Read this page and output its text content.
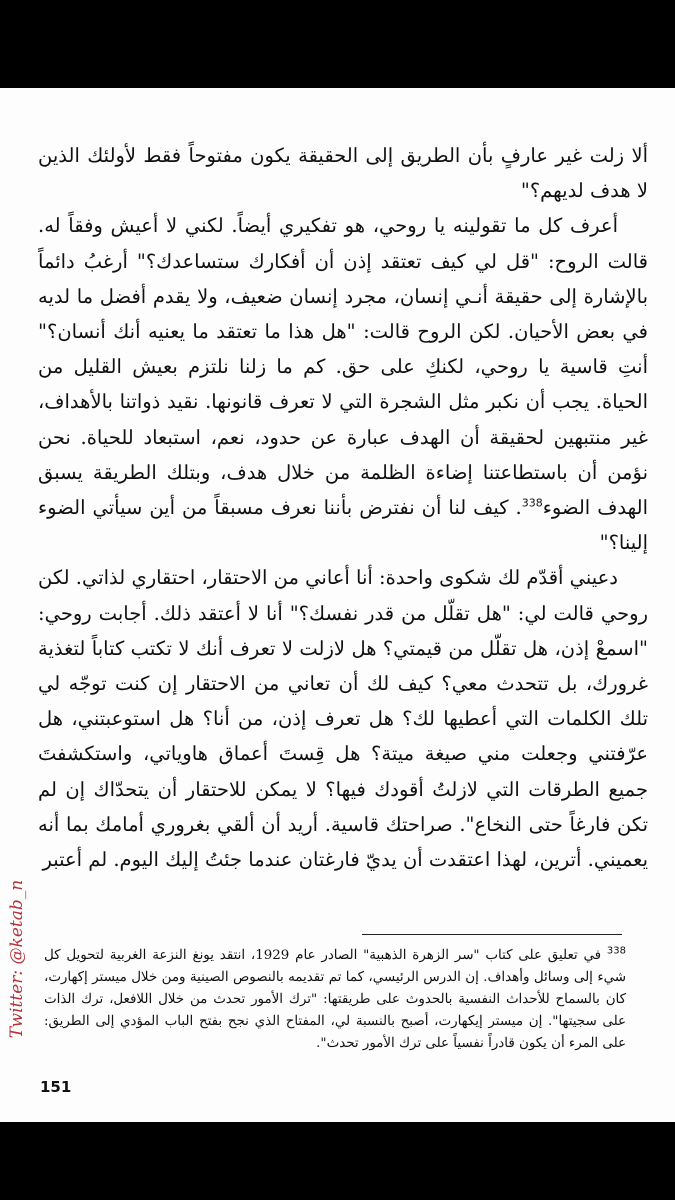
ألا زلت غير عارفٍ بأن الطريق إلى الحقيقة يكون مفتوحاً فقط لأولئك الذين لا هدف لديهم؟"

أعرف كل ما تقولينه يا روحي، هو تفكيري أيضاً. لكني لا أعيش وفقاً له. قالت الروح: "قل لي كيف تعتقد إذن أن أفكارك ستساعدك؟" أرغبُ دائماً بالإشارة إلى حقيقة أنـي إنسان، مجرد إنسان ضعيف، ولا يقدم أفضل ما لديه في بعض الأحيان. لكن الروح قالت: "هل هذا ما تعتقد ما يعنيه أنك أنسان؟" أنتِ قاسية يا روحي، لكنكِ على حق. كم ما زلنا نلتزم بعيش القليل من الحياة. يجب أن نكبر مثل الشجرة التي لا تعرف قانونها. نقيد ذواتنا بالأهداف، غير منتبهين لحقيقة أن الهدف عبارة عن حدود، نعم، استبعاد للحياة. نحن نؤمن أن باستطاعتنا إضاءة الظلمة من خلال هدف، وبتلك الطريقة يسبق الهدف الضوء$^{338}$. كيف لنا أن نفترض بأننا نعرف مسبقاً من أين سيأتي الضوء إلينا؟"

دعيني أقدّم لك شكوى واحدة: أنا أعاني من الاحتقار، احتقاري لذاتي. لكن روحي قالت لي: "هل تقلّل من قدر نفسك؟" أنا لا أعتقد ذلك. أجابت روحي: "اسمعْ إذن، هل تقلّل من قيمتي؟ هل لازلت لا تعرف أنك لا تكتب كتاباً لتغذية غرورك، بل تتحدث معي؟ كيف لك أن تعاني من الاحتقار إن كنت توجّه لي تلك الكلمات التي أعطيها لك؟ هل تعرف إذن، من أنا؟ هل استوعبتني، هل عرّفتني وجعلت مني صيغة ميتة؟ هل قِستَ أعماق هاوياتي، واستكشفتَ جميع الطرقات التي لازلتُ أقودك فيها؟ لا يمكن للاحتقار أن يتحدّاك إن لم تكن فارغاً حتى النخاع". صراحتك قاسية. أريد أن ألقي بغروري أمامك بما أنه يعميني. أترين، لهذا اعتقدت أن يديّ فارغتان عندما جئتُ إليك اليوم. لم أعتبر

$^{338}$ في تعليق على كتاب "سر الزهرة الذهبية" الصادر عام 1929، انتقد يونغ النزعة الغربية لتحويل كل شيء إلى وسائل وأهداف. إن الدرس الرئيسي، كما تم تقديمه بالنصوص الصينية ومن خلال ميستر إكهارت، كان بالسماح للأحداث النفسية بالحدوث على طريقتها: "ترك الأمور تحدث من خلال اللافعل، ترك الذات على سجيتها". إن ميستر إيكهارت، أصبح بالنسبة لي، المفتاح الذي نجح بفتح الباب المؤدي إلى الطريق: على المرء أن يكون قادراً نفسياً على ترك الأمور تحدث".
151
Twitter: @ketab_n
